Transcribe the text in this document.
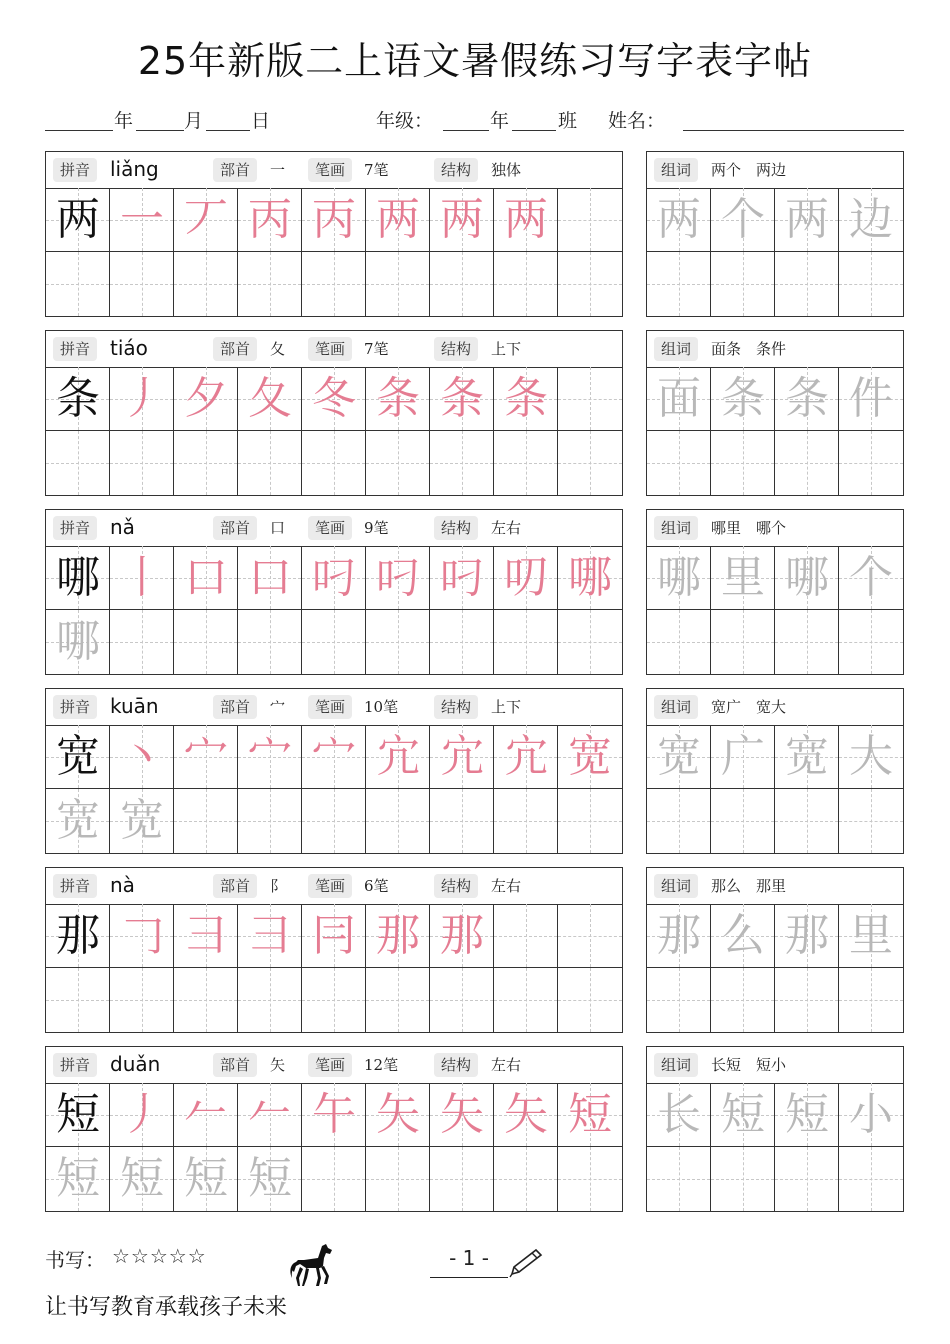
25年新版二上语文暑假练习写字表字帖
年	月	日	年级：	年	班 姓名：
拼音 liǎng	部首	一	笔画	7笔	结构	独体
两 一 丆 丙 丙 两 两 两
组词	两个　两边
两 个 两 边
拼音 tiáo	部首	夂	笔画	7笔	结构	上下
条 丿 夕 夂 冬 条 条 条
组词	面条　条件
面 条 条 件
拼音 nǎ	部首	口	笔画	9笔	结构	左右
哪 丨 口 口 叼 叼 叼 叨 哪
哪
组词	哪里　哪个
哪 里 哪 个
拼音 kuān	部首	宀	笔画	10笔	结构	上下
宽 丶 宀 宀 宀 宂 宂 宂 宽
宽 宽
组词	宽广　宽大
宽 广 宽 大
拼音 nà	部首	阝	笔画	6笔	结构	左右
那 𠃌 彐 彐 冃 那 那
组词	那么　那里
那 么 那 里
拼音 duǎn	部首	矢	笔画	12笔	结构	左右
短 丿 𠂉 𠂉 午 矢 矢 矢 短
短 短 短 短
组词	长短　短小
长 短 短 小
书写： ☆☆☆☆☆	- 1 -
让书写教育承载孩子未来
